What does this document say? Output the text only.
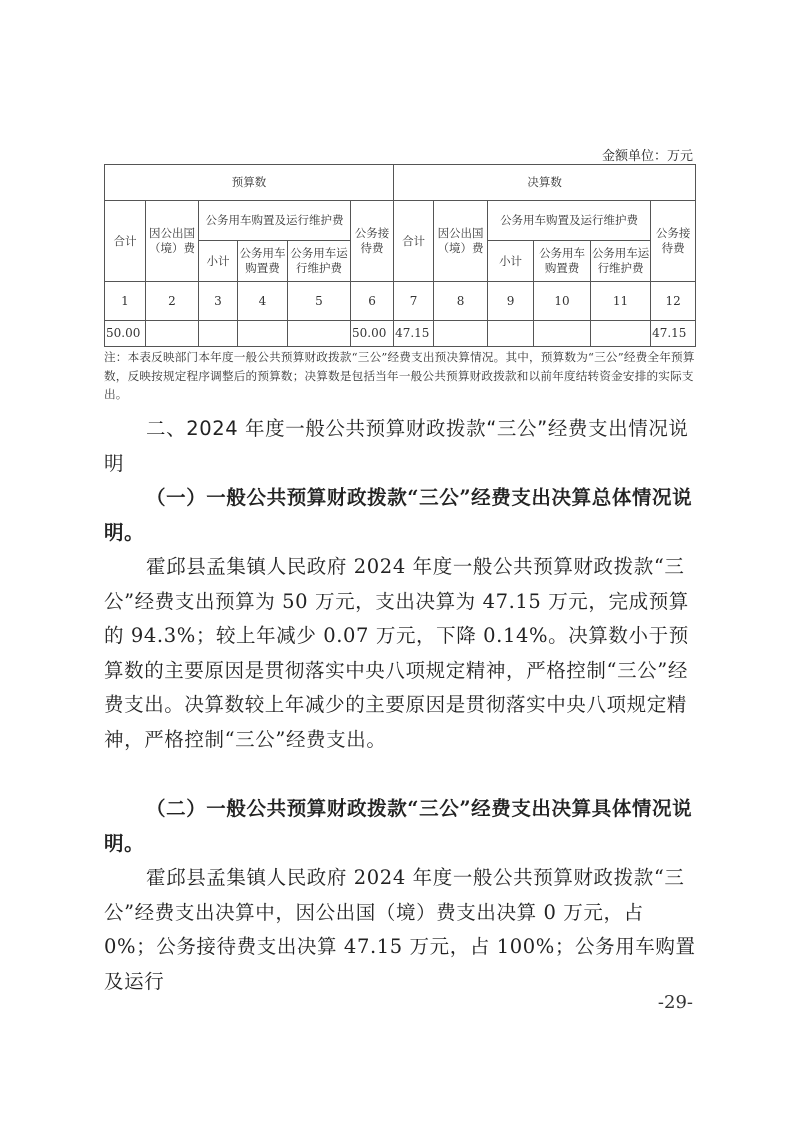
金额单位：万元
预算数						决算数					
合计	因公出国（境）费	公务用车购置及运行维护费			公务接待费	合计	因公出国（境）费	公务用车购置及运行维护费			公务接待费
		小计	公务用车购置费	公务用车运行维护费				小计	公务用车购置费	公务用车运行维护费	
1	2	3	4	5	6	7	8	9	10	11	12
50.00					50.00	47.15					47.15
注：本表反映部门本年度一般公共预算财政拨款“三公”经费支出预决算情况。其中，预算数为“三公”经费全年预算数，反映按规定程序调整后的预算数；决算数是包括当年一般公共预算财政拨款和以前年度结转资金安排的实际支出。
二、2024 年度一般公共预算财政拨款“三公”经费支出情况说明
（一）一般公共预算财政拨款“三公”经费支出决算总体情况说明。
霍邱县孟集镇人民政府 2024 年度一般公共预算财政拨款“三公”经费支出预算为 50 万元，支出决算为 47.15 万元，完成预算的 94.3%；较上年减少 0.07 万元，下降 0.14%。决算数小于预算数的主要原因是贯彻落实中央八项规定精神，严格控制“三公”经费支出。决算数较上年减少的主要原因是贯彻落实中央八项规定精神，严格控制“三公”经费支出。
（二）一般公共预算财政拨款“三公”经费支出决算具体情况说明。
霍邱县孟集镇人民政府 2024 年度一般公共预算财政拨款“三公”经费支出决算中，因公出国（境）费支出决算 0 万元，占 0%；公务接待费支出决算 47.15 万元，占 100%；公务用车购置及运行
-29-
